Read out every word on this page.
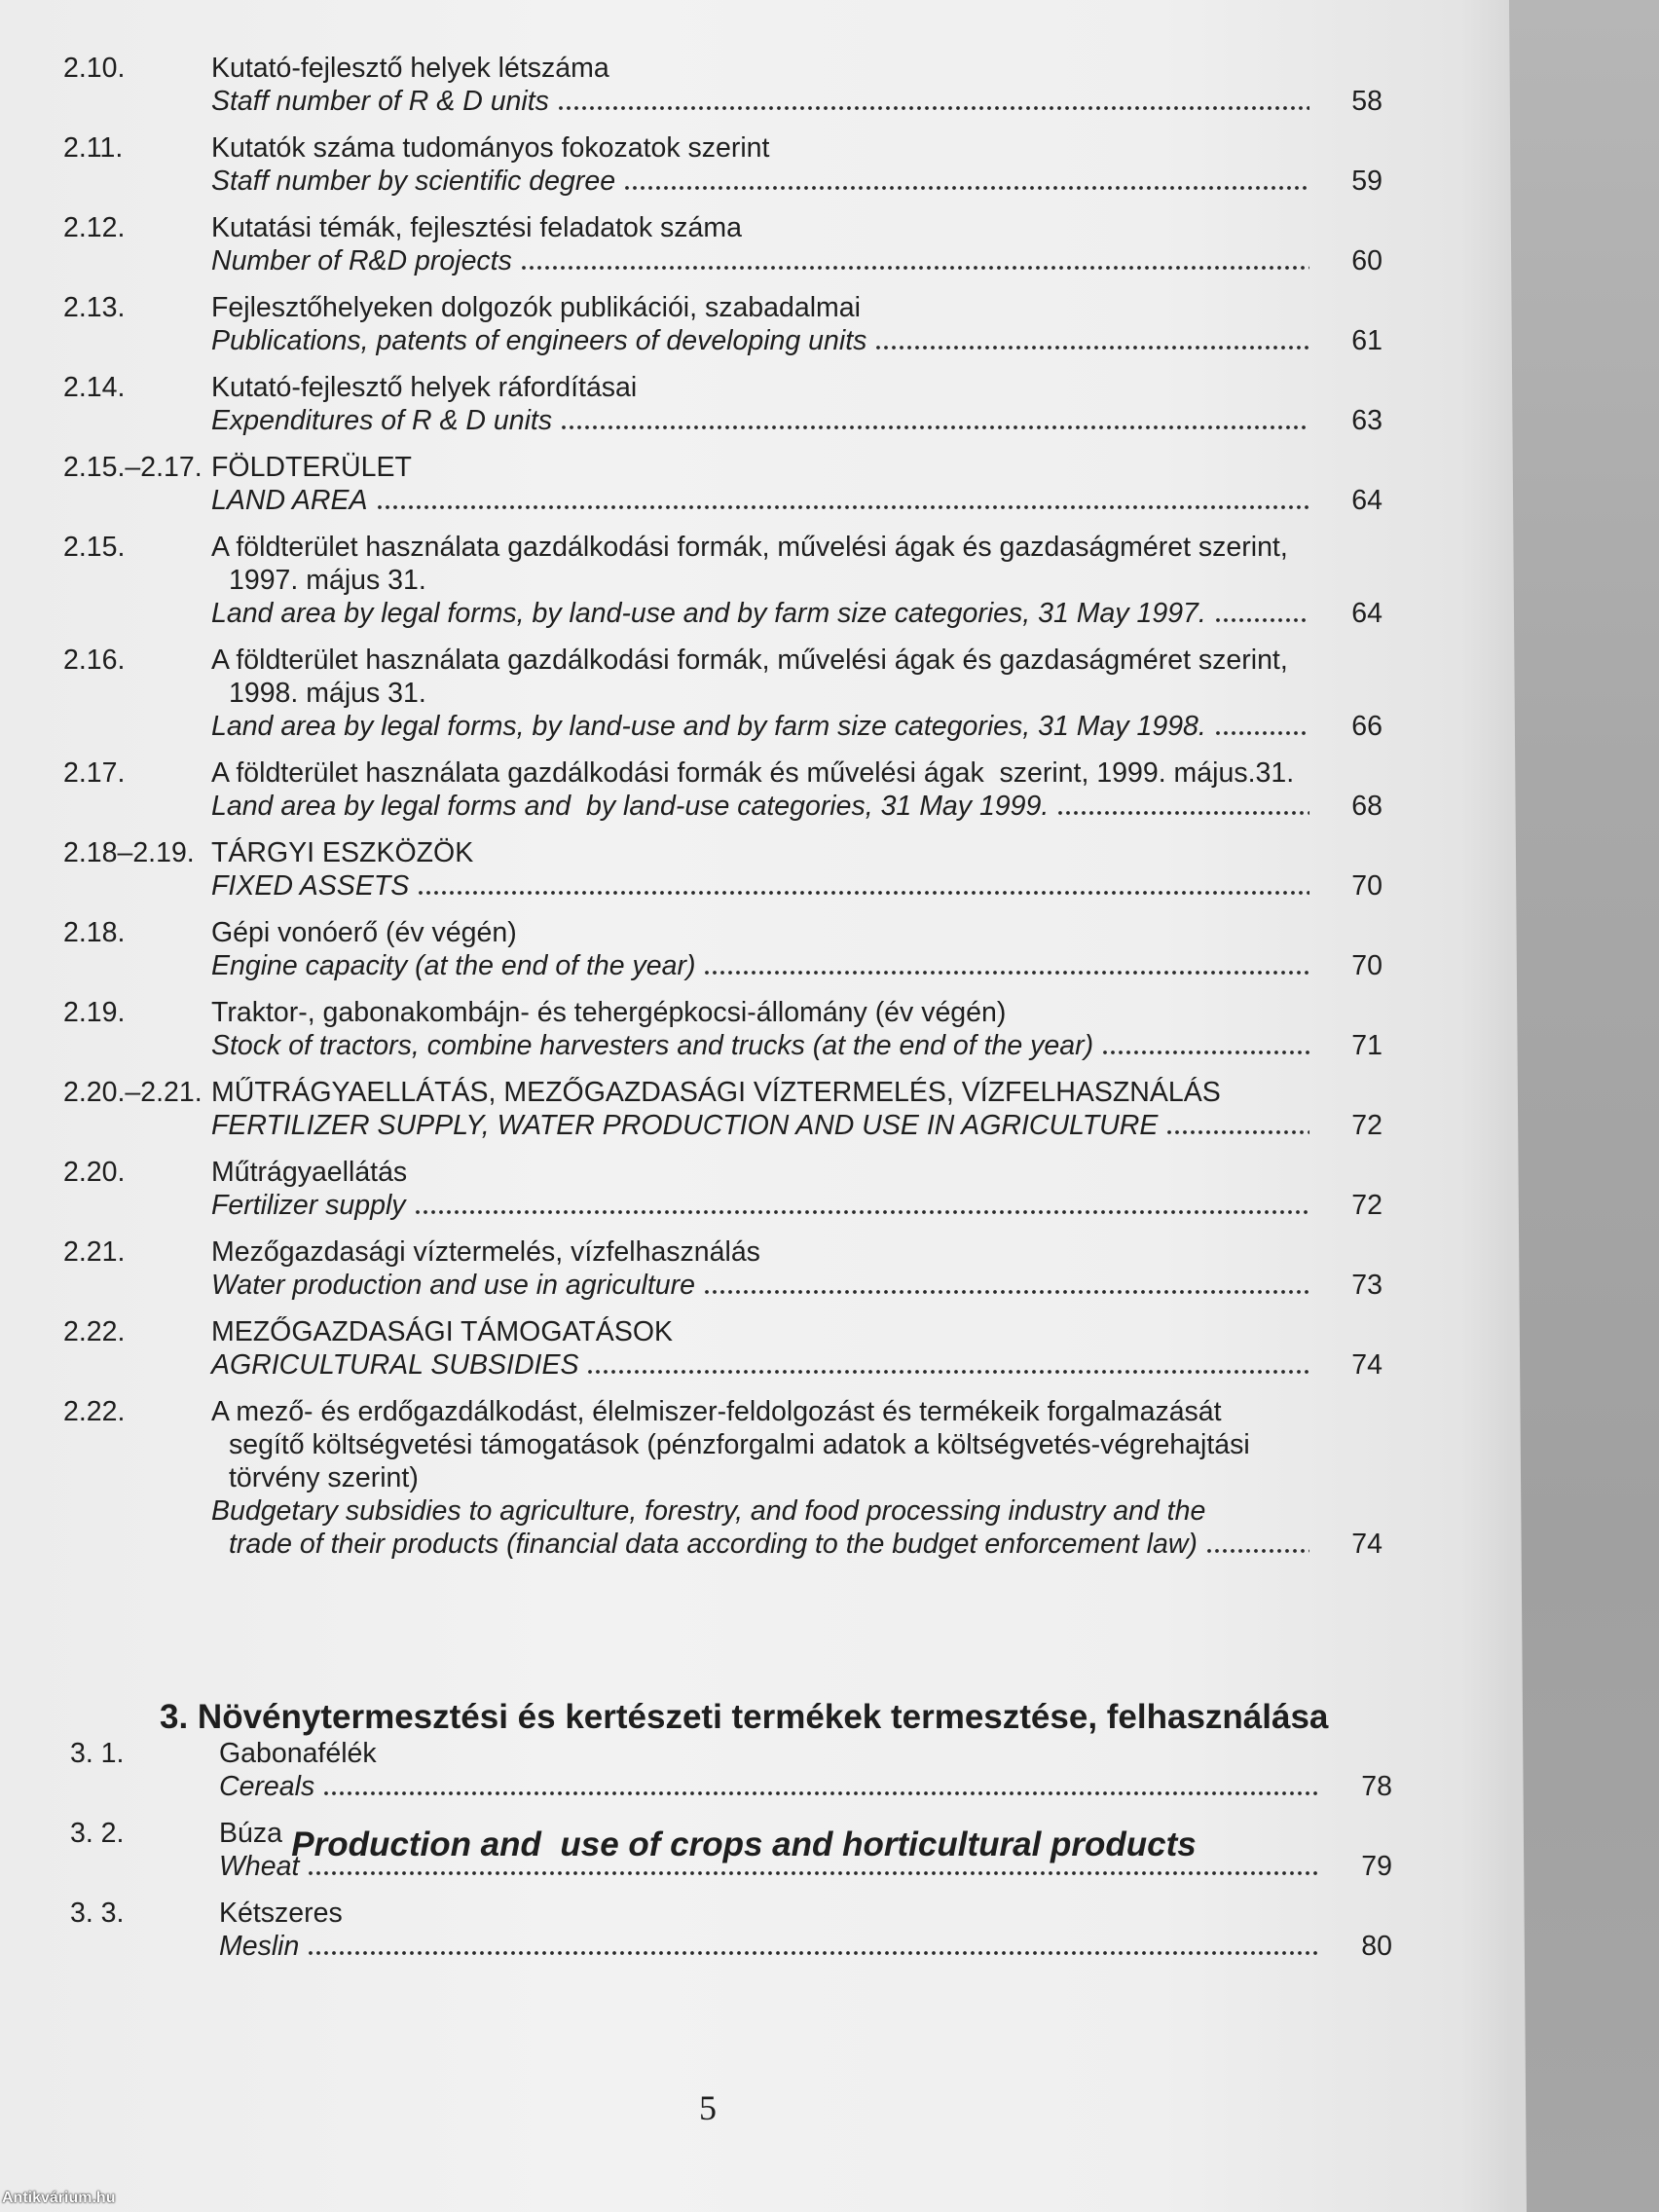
2.10.	Kutató-fejlesztő helyek létszáma
Staff number of R & D units	58
2.11.	Kutatók száma tudományos fokozatok szerint
Staff number by scientific degree	59
2.12.	Kutatási témák, fejlesztési feladatok száma
Number of R&D projects	60
2.13.	Fejlesztőhelyeken dolgozók publikációi, szabadalmai
Publications, patents of engineers of developing units	61
2.14.	Kutató-fejlesztő helyek ráfordításai
Expenditures of R & D units	63
2.15.–2.17. FÖLDTERÜLET
LAND AREA	64
2.15.	A földterület használata gazdálkodási formák, művelési ágak és gazdaságméret szerint,
1997. május 31.
Land area by legal forms, by land-use and by farm size categories, 31 May 1997.	64
2.16.	A földterület használata gazdálkodási formák, művelési ágak és gazdaságméret szerint,
1998. május 31.
Land area by legal forms, by land-use and by farm size categories, 31 May 1998.	66
2.17.	A földterület használata gazdálkodási formák és művelési ágak  szerint, 1999. május.31.
Land area by legal forms and  by land-use categories, 31 May 1999.	68
2.18–2.19. TÁRGYI ESZKÖZÖK
FIXED ASSETS	70
2.18.	Gépi vonóerő (év végén)
Engine capacity (at the end of the year)	70
2.19.	Traktor-, gabonakombájn- és tehergépkocsi-állomány (év végén)
Stock of tractors, combine harvesters and trucks (at the end of the year)	71
2.20.–2.21. MŰTRÁGYAELLÁTÁS, MEZŐGAZDASÁGI VÍZTERMELÉS, VÍZFELHASZNÁLÁS
FERTILIZER SUPPLY, WATER PRODUCTION AND USE IN AGRICULTURE	72
2.20.	Műtrágyaellátás
Fertilizer supply	72
2.21.	Mezőgazdasági víztermelés, vízfelhasználás
Water production and use in agriculture	73
2.22.	MEZŐGAZDASÁGI TÁMOGATÁSOK
AGRICULTURAL SUBSIDIES	74
2.22.	A mező- és erdőgazdálkodást, élelmiszer-feldolgozást és termékeik forgalmazását
segítő költségvetési támogatások (pénzforgalmi adatok a költségvetés-végrehajtási
törvény szerint)
Budgetary subsidies to agriculture, forestry, and food processing industry and the
trade of their products (financial data according to the budget enforcement law)	74

3. Növénytermesztési és kertészeti termékek termesztése, felhasználása

Production and  use of crops and horticultural products

3. 1.	Gabonafélék
Cereals	78
3. 2.	Búza
Wheat	79
3. 3.	Kétszeres
Meslin	80
5
Antikvárium.hu
